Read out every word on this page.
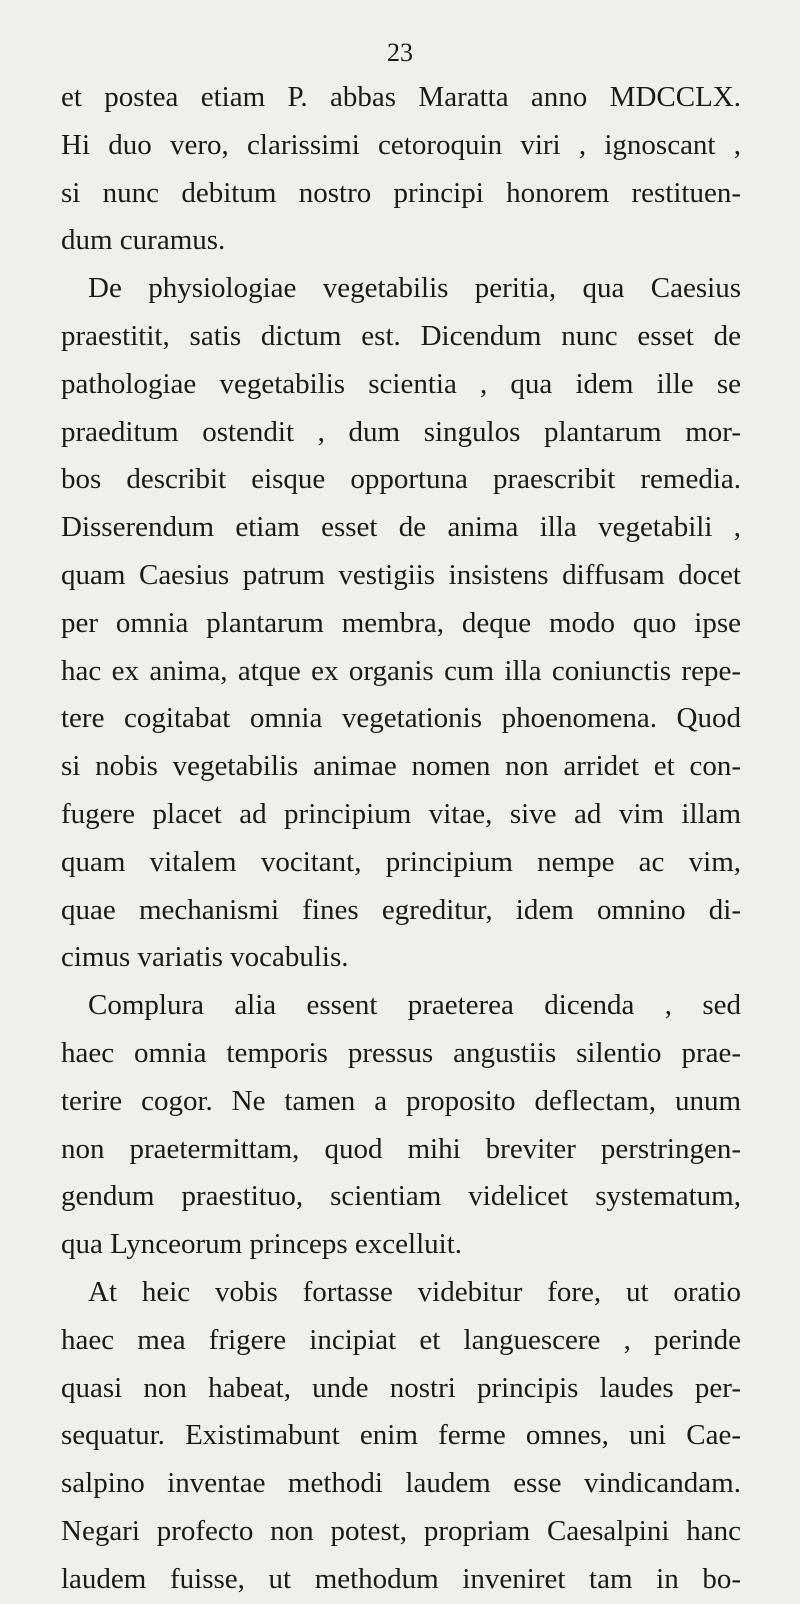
23
et postea etiam P. abbas Maratta anno MDCCLX.
Hi duo vero, clarissimi cetoroquin viri , ignoscant ,
si nunc debitum nostro principi honorem restituen-
dum curamus.
De physiologiae vegetabilis peritia, qua Caesius
praestitit, satis dictum est. Dicendum nunc esset de
pathologiae vegetabilis scientia , qua idem ille se
praeditum ostendit , dum singulos plantarum mor-
bos describit eisque opportuna praescribit remedia.
Disserendum etiam esset de anima illa vegetabili ,
quam Caesius patrum vestigiis insistens diffusam docet
per omnia plantarum membra, deque modo quo ipse
hac ex anima, atque ex organis cum illa coniunctis repe-
tere cogitabat omnia vegetationis phoenomena. Quod
si nobis vegetabilis animae nomen non arridet et con-
fugere placet ad principium vitae, sive ad vim illam
quam vitalem vocitant, principium nempe ac vim,
quae mechanismi fines egreditur, idem omnino di-
cimus variatis vocabulis.
Complura alia essent praeterea dicenda , sed
haec omnia temporis pressus angustiis silentio prae-
terire cogor. Ne tamen a proposito deflectam, unum
non praetermittam, quod mihi breviter perstringen-
gendum praestituo, scientiam videlicet systematum,
qua Lynceorum princeps excelluit.
At heic vobis fortasse videbitur fore, ut oratio
haec mea frigere incipiat et languescere , perinde
quasi non habeat, unde nostri principis laudes per-
sequatur. Existimabunt enim ferme omnes, uni Cae-
salpino inventae methodi laudem esse vindicandam.
Negari profecto non potest, propriam Caesalpini hanc
laudem fuisse, ut methodum inveniret tam in bo-
